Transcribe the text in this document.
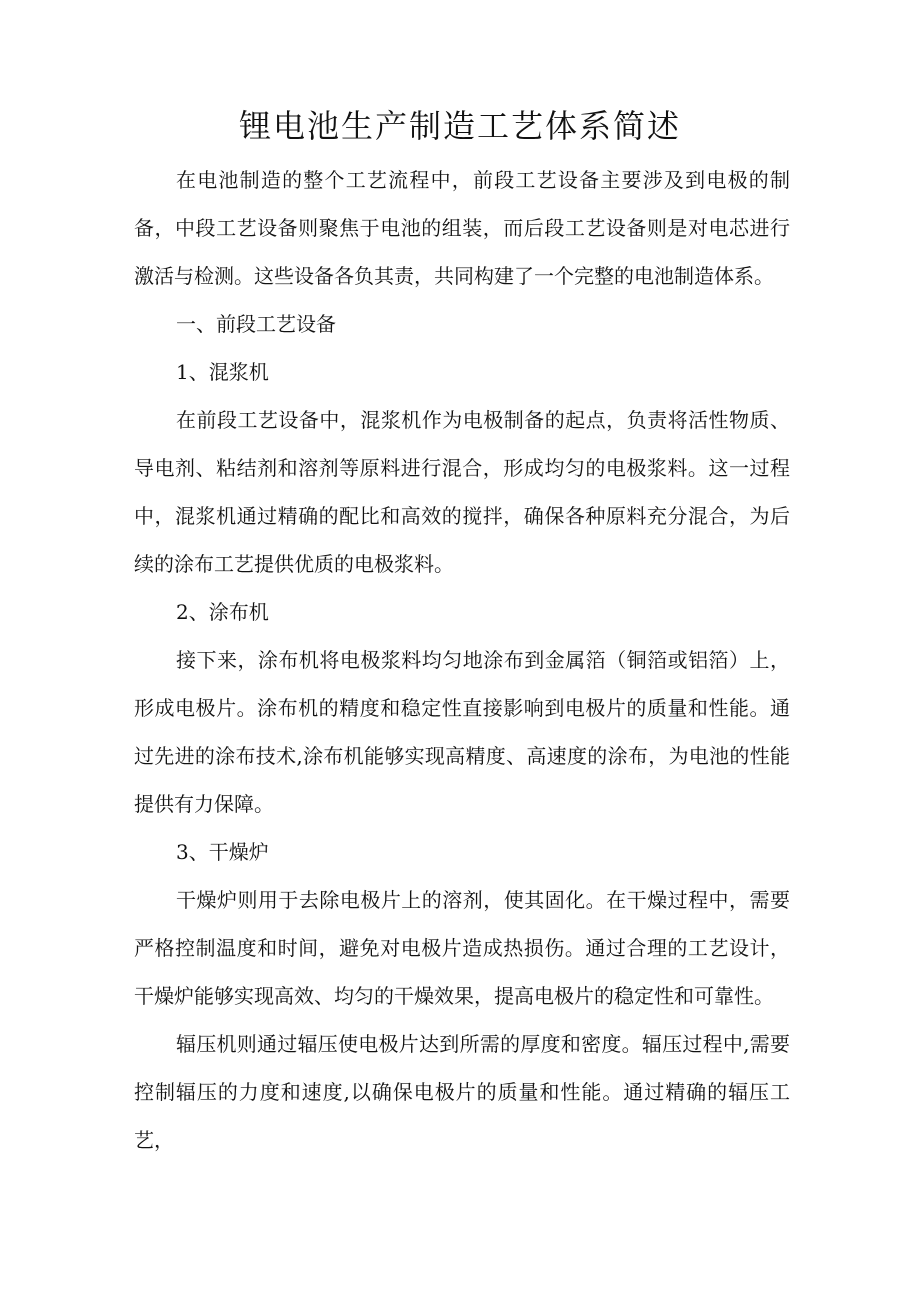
锂电池生产制造工艺体系简述

在电池制造的整个工艺流程中，前段工艺设备主要涉及到电极的制备，中段工艺设备则聚焦于电池的组装，而后段工艺设备则是对电芯进行激活与检测。这些设备各负其责，共同构建了一个完整的电池制造体系。

一、前段工艺设备

1、混浆机

在前段工艺设备中，混浆机作为电极制备的起点，负责将活性物质、导电剂、粘结剂和溶剂等原料进行混合，形成均匀的电极浆料。这一过程中，混浆机通过精确的配比和高效的搅拌，确保各种原料充分混合，为后续的涂布工艺提供优质的电极浆料。

2、涂布机

接下来，涂布机将电极浆料均匀地涂布到金属箔（铜箔或铝箔）上，形成电极片。涂布机的精度和稳定性直接影响到电极片的质量和性能。通过先进的涂布技术,涂布机能够实现高精度、高速度的涂布，为电池的性能提供有力保障。

3、干燥炉

干燥炉则用于去除电极片上的溶剂，使其固化。在干燥过程中，需要严格控制温度和时间，避免对电极片造成热损伤。通过合理的工艺设计，干燥炉能够实现高效、均匀的干燥效果，提高电极片的稳定性和可靠性。

辐压机则通过辐压使电极片达到所需的厚度和密度。辐压过程中,需要控制辐压的力度和速度,以确保电极片的质量和性能。通过精确的辐压工艺，
